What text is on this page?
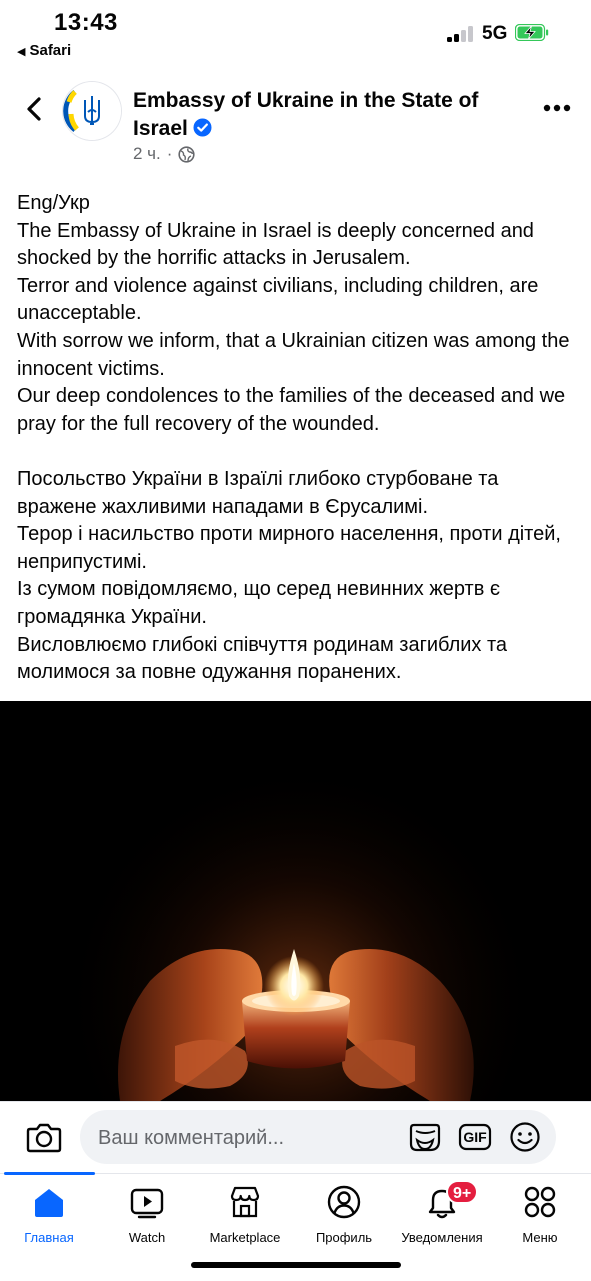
13:43
◀ Safari
5G
Embassy of Ukraine in the State of Israel
2 ч. ·

Eng/Укр

The Embassy of Ukraine in Israel is deeply concerned and shocked by the horrific attacks in Jerusalem.

Terror and violence against civilians, including children, are unacceptable.

With sorrow we inform, that a Ukrainian citizen was among the innocent victims.

Our deep condolences to the families of the deceased and we pray for the full recovery of the wounded.

Посольство України в Ізраїлі глибоко стурбоване та вражене жахливими нападами в Єрусалимі.

Терор і насильство проти мирного населення, проти дітей, неприпустимі.

Із сумом повідомляємо, що серед невинних жертв є громадянка України.

Висловлюємо глибокі співчуття родинам загиблих та молимося за повне одужання поранених.

Ваш комментарий...
GIF
Главная	Watch	Marketplace	Профиль	Уведомления
9+
Меню
